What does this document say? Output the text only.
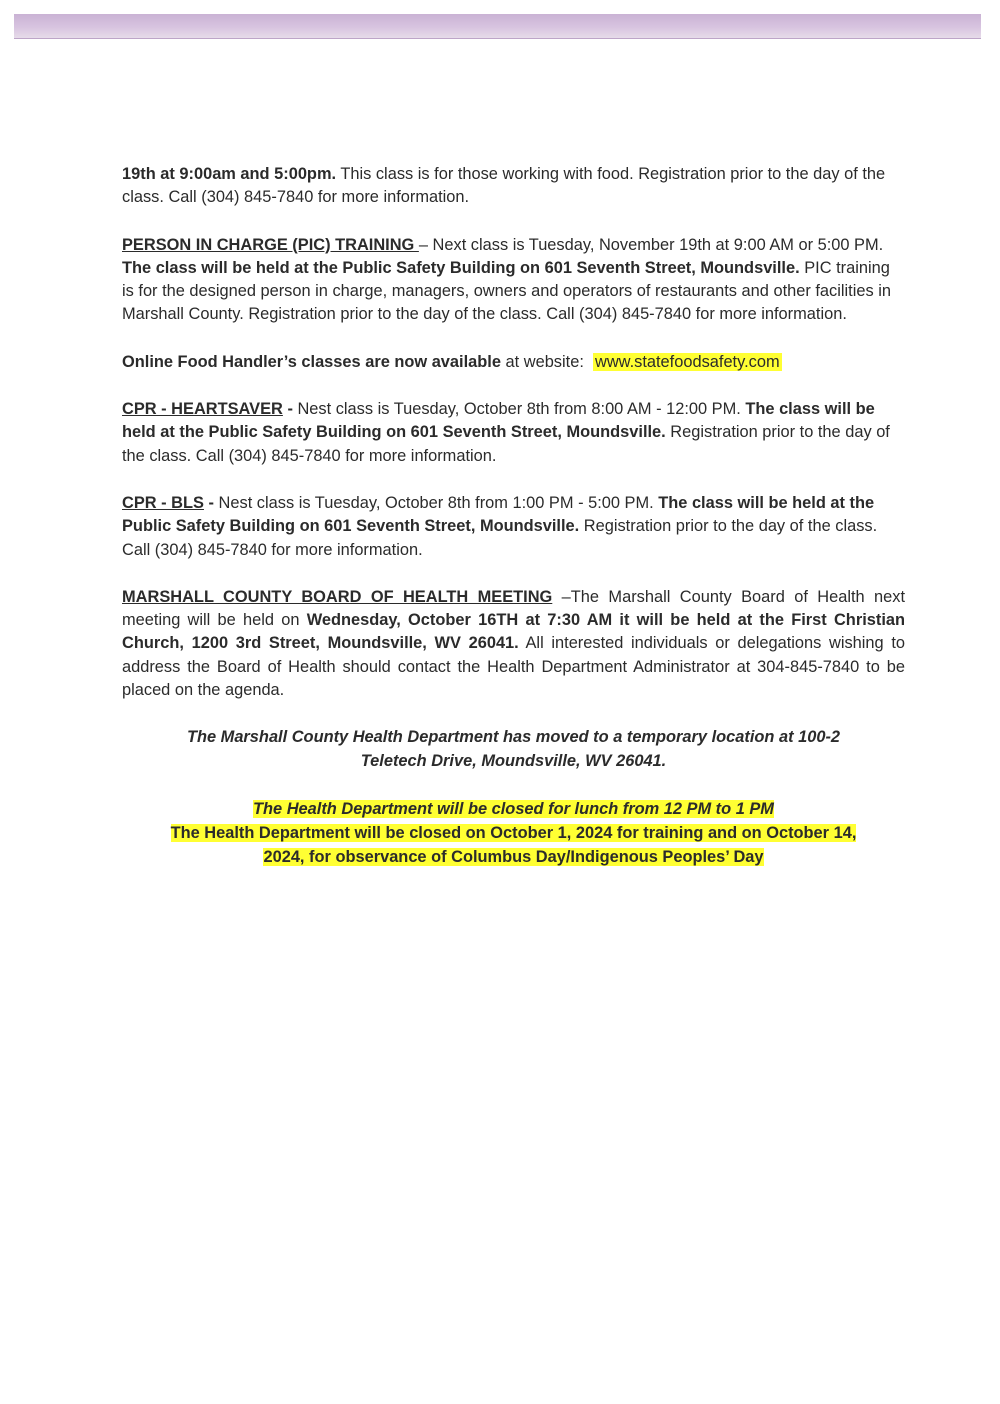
19th at 9:00am and 5:00pm. This class is for those working with food. Registration prior to the day of the class. Call (304) 845-7840 for more information.

PERSON IN CHARGE (PIC) TRAINING – Next class is Tuesday, November 19th at 9:00 AM or 5:00 PM. The class will be held at the Public Safety Building on 601 Seventh Street, Moundsville. PIC training is for the designed person in charge, managers, owners and operators of restaurants and other facilities in Marshall County. Registration prior to the day of the class. Call (304) 845-7840 for more information.

Online Food Handler’s classes are now available at website: www.statefoodsafety.com

CPR - HEARTSAVER - Nest class is Tuesday, October 8th from 8:00 AM - 12:00 PM. The class will be held at the Public Safety Building on 601 Seventh Street, Moundsville. Registration prior to the day of the class. Call (304) 845-7840 for more information.

CPR - BLS - Nest class is Tuesday, October 8th from 1:00 PM - 5:00 PM. The class will be held at the Public Safety Building on 601 Seventh Street, Moundsville. Registration prior to the day of the class. Call (304) 845-7840 for more information.

MARSHALL COUNTY BOARD OF HEALTH MEETING –The Marshall County Board of Health next meeting will be held on Wednesday, October 16TH at 7:30 AM it will be held at the First Christian Church, 1200 3rd Street, Moundsville, WV 26041. All interested individuals or delegations wishing to address the Board of Health should contact the Health Department Administrator at 304-845-7840 to be placed on the agenda.

The Marshall County Health Department has moved to a temporary location at 100-2 Teletech Drive, Moundsville, WV 26041.

The Health Department will be closed for lunch from 12 PM to 1 PM
The Health Department will be closed on October 1, 2024 for training and on October 14,
2024, for observance of Columbus Day/Indigenous Peoples’ Day
